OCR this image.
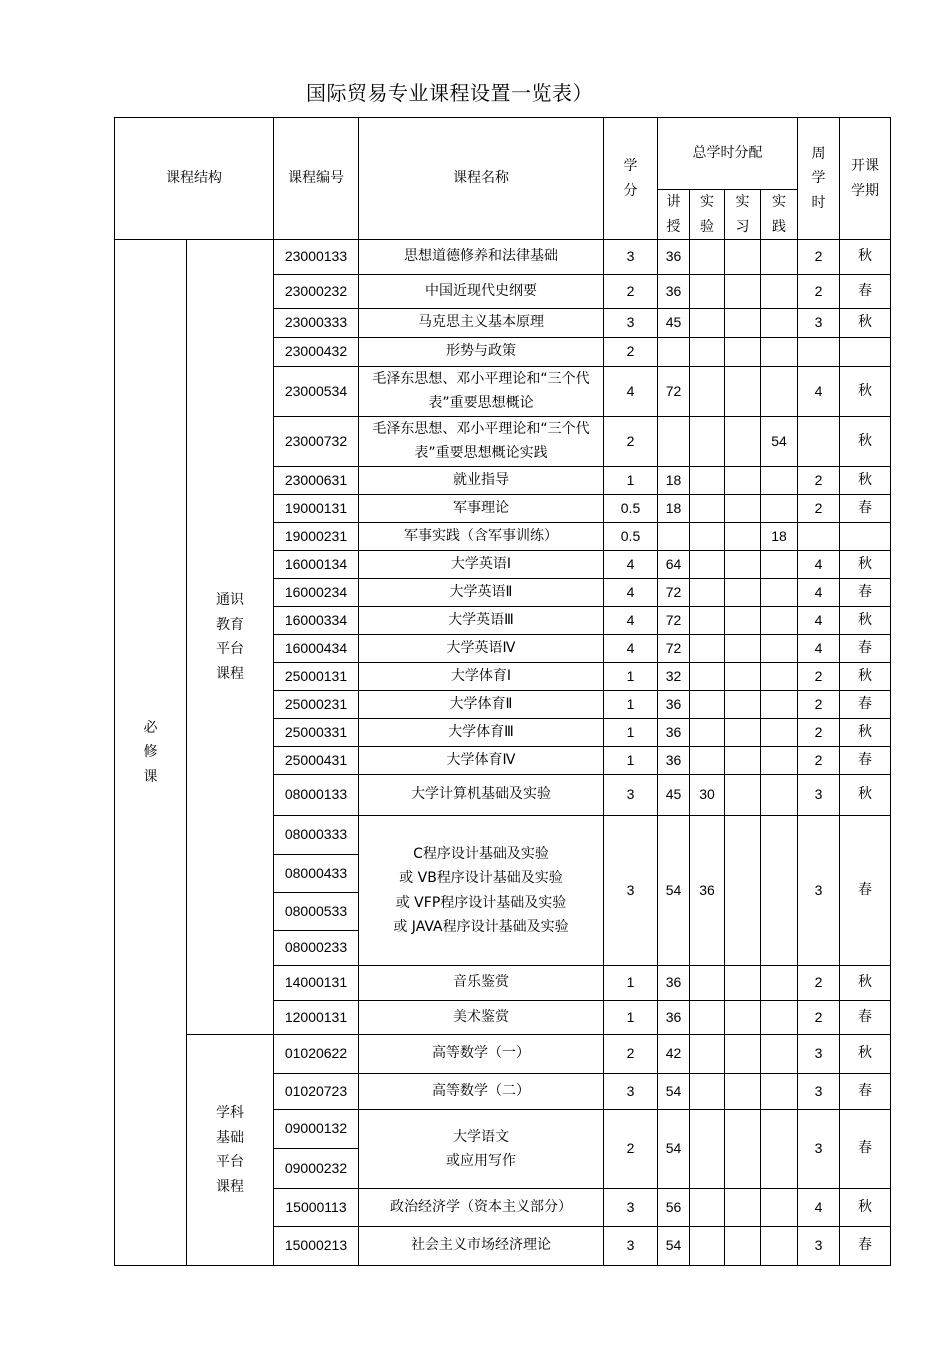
国际贸易专业课程设置一览表）
课程结构		课程编号	课程名称	学分	总学时分配				周学时	开课学期
					讲授	实验	实习	实践		
必修课	通识教育平台课程	23000133	思想道德修养和法律基础	3	36				2	秋
		23000232	中国近现代史纲要	2	36				2	春
		23000333	马克思主义基本原理	3	45				3	秋
		23000432	形势与政策	2						
		23000534	毛泽东思想、邓小平理论和“三个代表”重要思想概论	4	72				4	秋
		23000732	毛泽东思想、邓小平理论和“三个代表”重要思想概论实践	2				54		秋
		23000631	就业指导	1	18				2	秋
		19000131	军事理论	0.5	18				2	春
		19000231	军事实践（含军事训练）	0.5				18		
		16000134	大学英语Ⅰ	4	64				4	秋
		16000234	大学英语Ⅱ	4	72				4	春
		16000334	大学英语Ⅲ	4	72				4	秋
		16000434	大学英语Ⅳ	4	72				4	春
		25000131	大学体育Ⅰ	1	32				2	秋
		25000231	大学体育Ⅱ	1	36				2	春
		25000331	大学体育Ⅲ	1	36				2	秋
		25000431	大学体育Ⅳ	1	36				2	春
		08000133	大学计算机基础及实验	3	45	30			3	秋
		08000333	C程序设计基础及实验
或 VB程序设计基础及实验
或 VFP程序设计基础及实验
或 JAVA程序设计基础及实验	3	54	36			3	春
		08000433								
		08000533								
		08000233								
		14000131	音乐鉴赏	1	36				2	秋
		12000131	美术鉴赏	1	36				2	春
	学科基础平台课程	01020622	高等数学（一）	2	42				3	秋
		01020723	高等数学（二）	3	54				3	春
		09000132	大学语文
或应用写作	2	54				3	春
		09000232								
		15000113	政治经济学（资本主义部分）	3	56				4	秋
		15000213	社会主义市场经济理论	3	54				3	春
